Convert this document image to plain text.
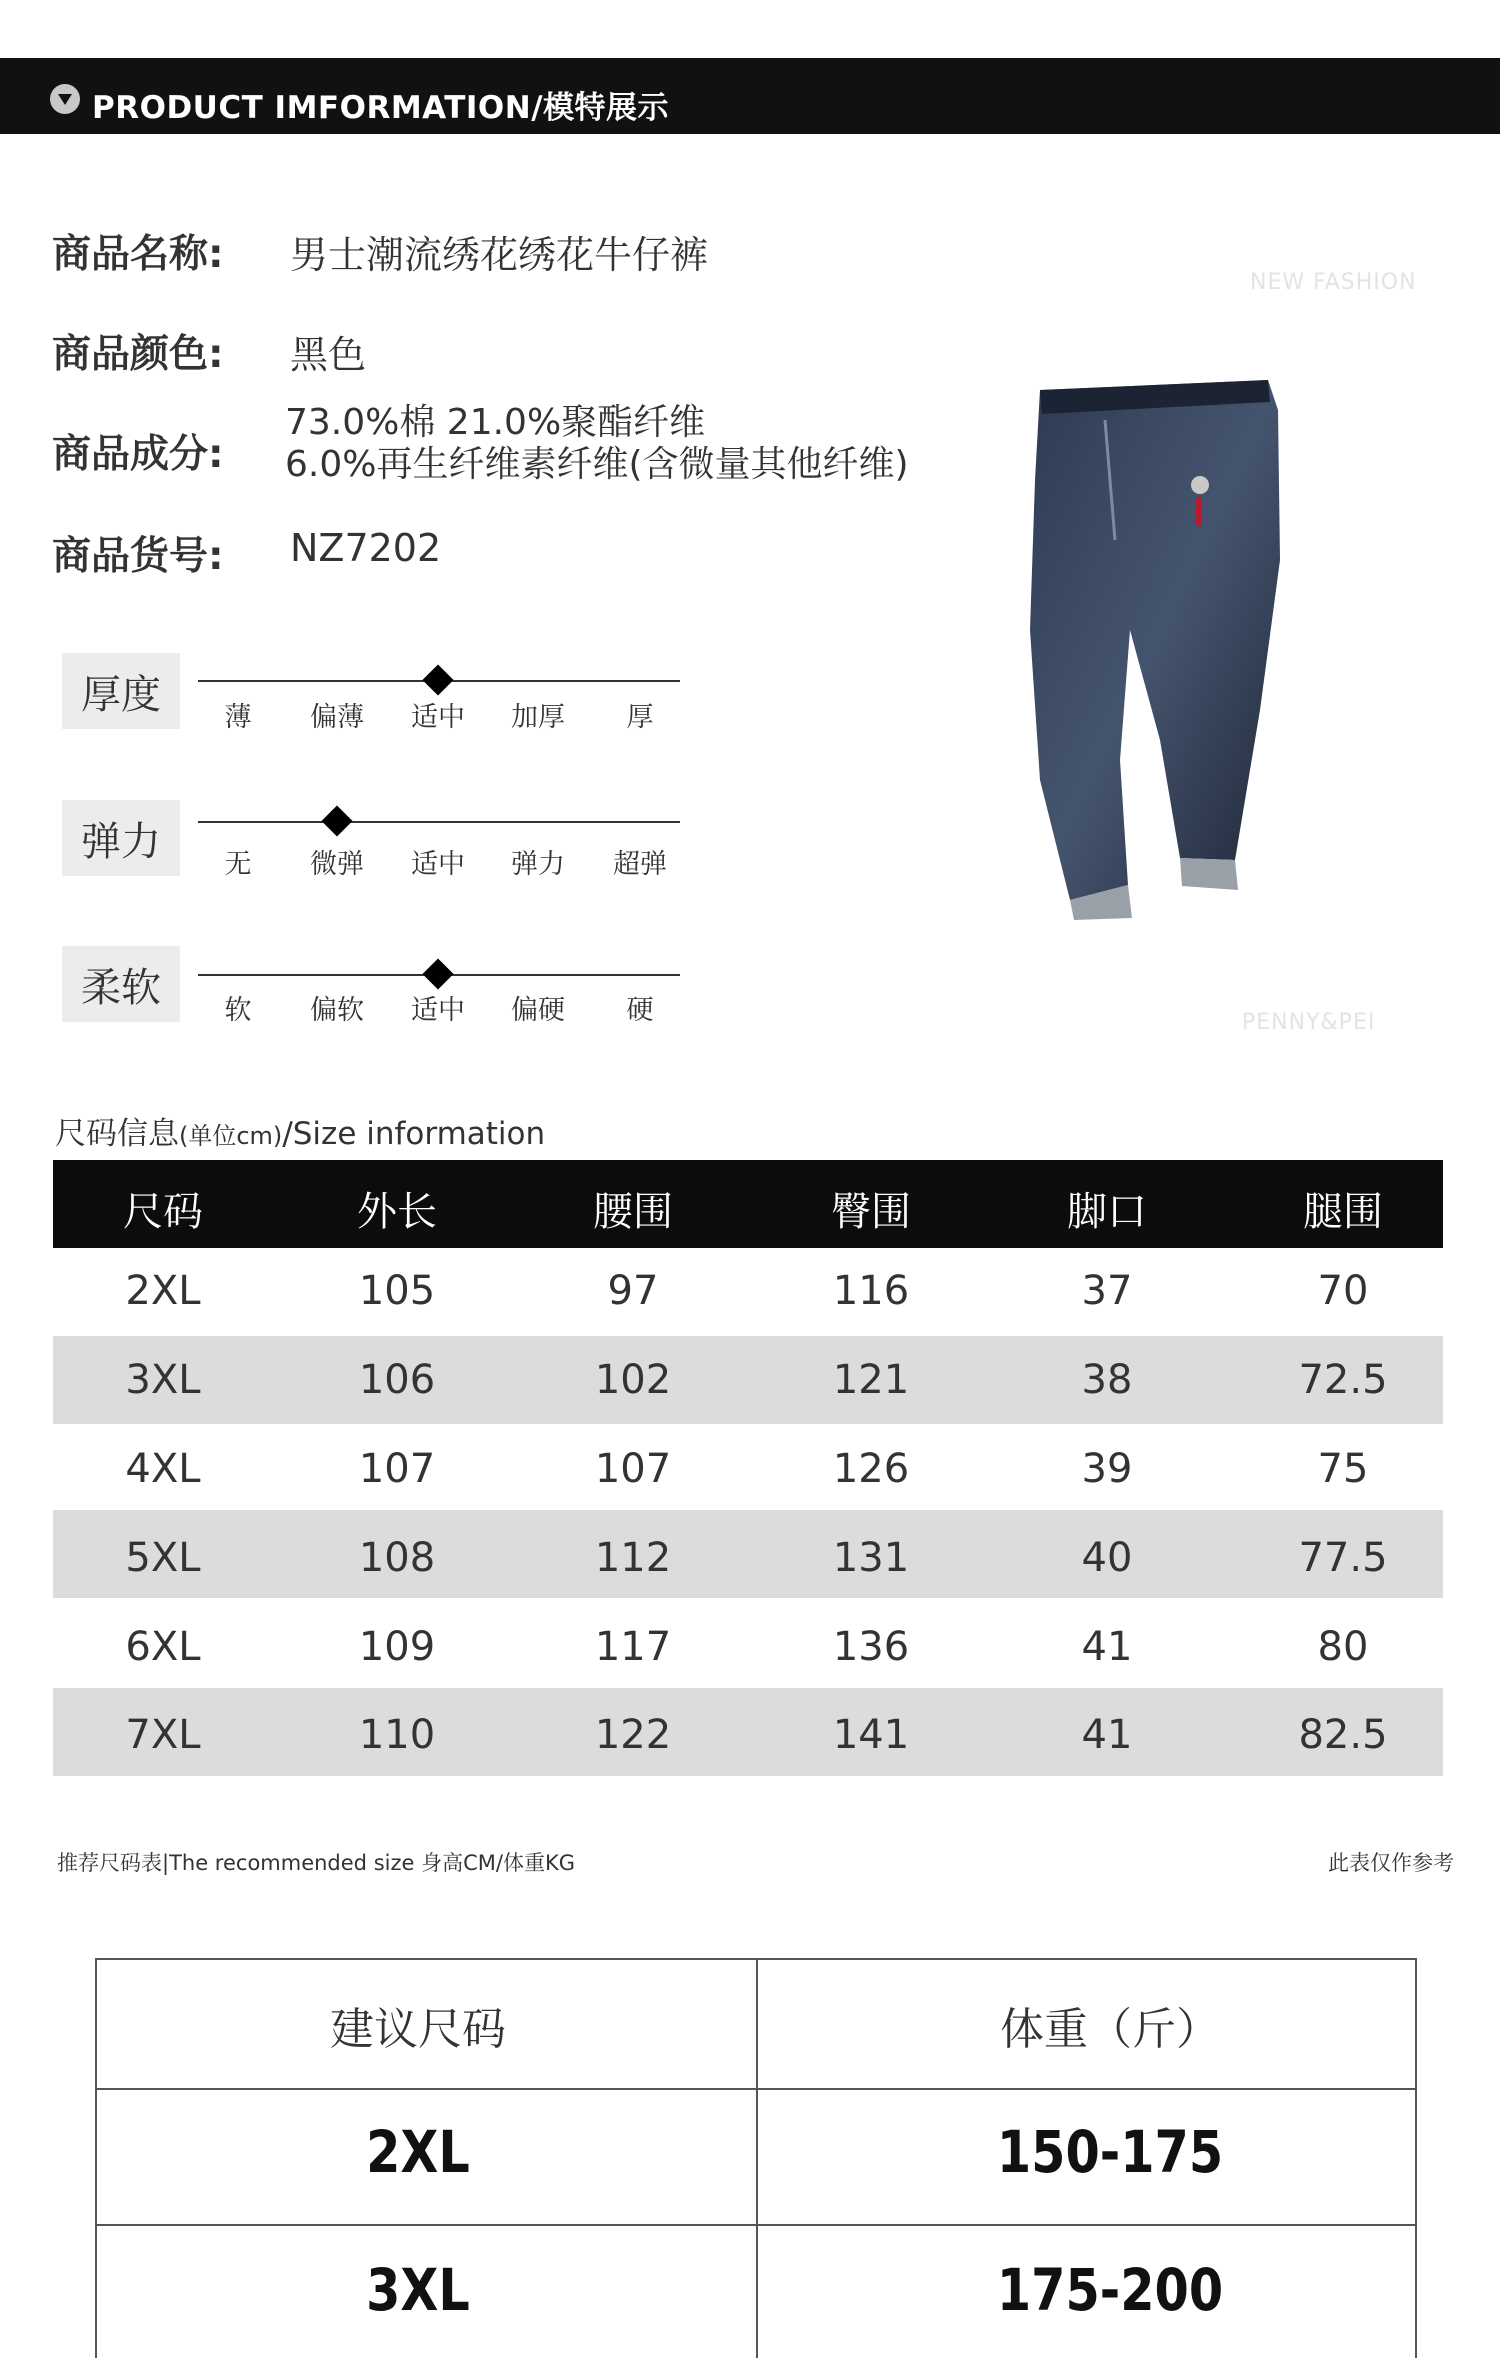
PRODUCT IMFORMATION/模特展示
商品名称: 男士潮流绣花绣花牛仔裤
商品颜色: 黑色
商品成分:
73.0%棉 21.0%聚酯纤维
6.0%再生纤维素纤维(含微量其他纤维)
商品货号: NZ7202
NEW FASHION
PENNY&PEI
厚度	薄	偏薄	适中	加厚	厚
弹力	无	微弹	适中	弹力	超弹
柔软	软	偏软	适中	偏硬	硬
尺码信息(单位cm)/Size information
尺码	外长	腰围	臀围	脚口	腿围
2XL	105	97	116	37	70
3XL	106	102	121	38	72.5
4XL	107	107	126	39	75
5XL	108	112	131	40	77.5
6XL	109	117	136	41	80
7XL	110	122	141	41	82.5
推荐尺码表|The recommended size 身高CM/体重KG	此表仅作参考
建议尺码	体重（斤）
2XL	150-175
3XL	175-200
